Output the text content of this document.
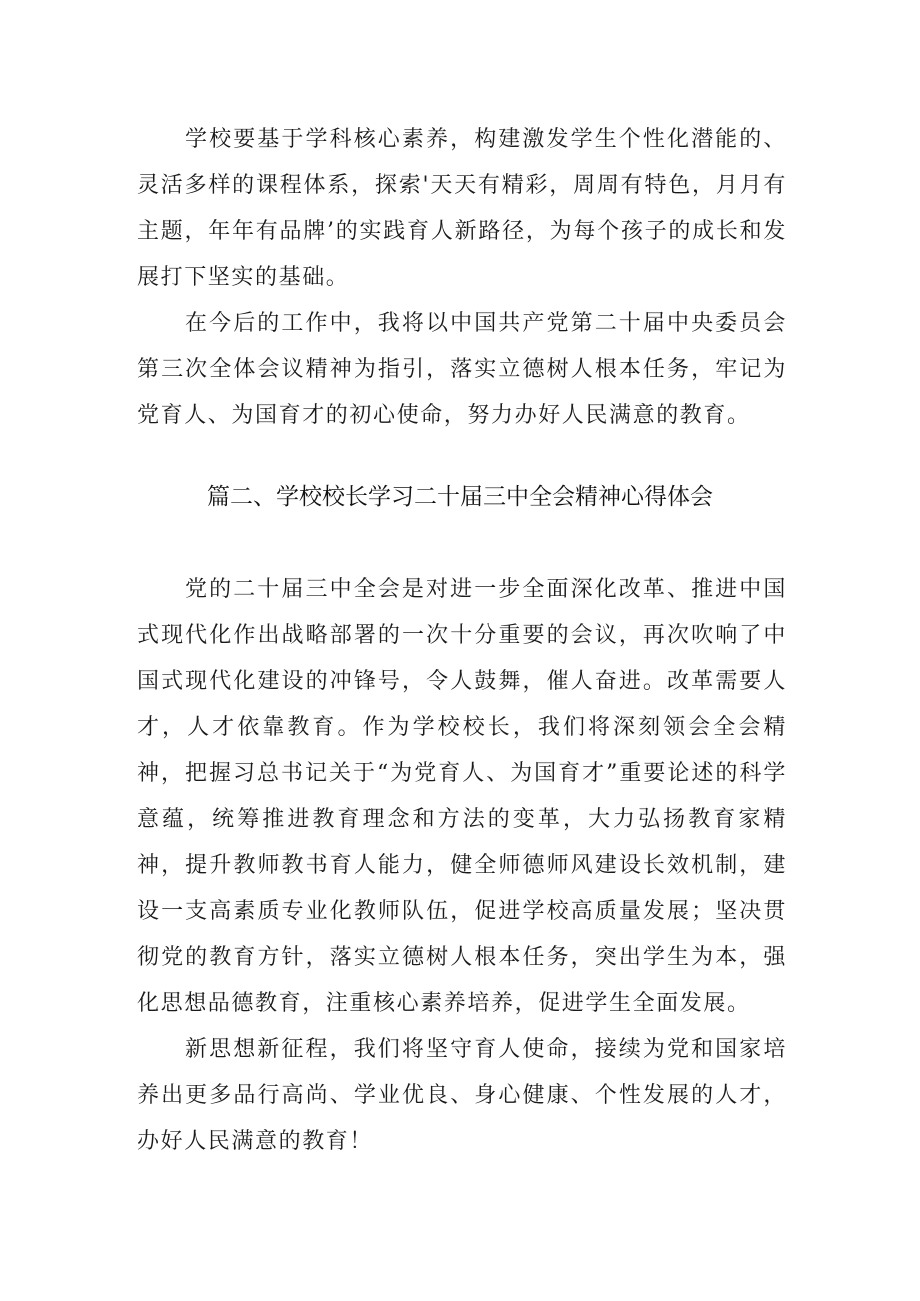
学校要基于学科核心素养，构建激发学生个性化潜能的、灵活多样的课程体系，探索'天天有精彩，周周有特色，月月有主题，年年有品牌’的实践育人新路径，为每个孩子的成长和发展打下坚实的基础。

在今后的工作中，我将以中国共产党第二十届中央委员会第三次全体会议精神为指引，落实立德树人根本任务，牢记为党育人、为国育才的初心使命，努力办好人民满意的教育。

篇二、学校校长学习二十届三中全会精神心得体会

党的二十届三中全会是对进一步全面深化改革、推进中国式现代化作出战略部署的一次十分重要的会议，再次吹响了中国式现代化建设的冲锋号，令人鼓舞，催人奋进。改革需要人才，人才依靠教育。作为学校校长，我们将深刻领会全会精神，把握习总书记关于“为党育人、为国育才”重要论述的科学意蕴，统筹推进教育理念和方法的变革，大力弘扬教育家精神，提升教师教书育人能力，健全师德师风建设长效机制，建设一支高素质专业化教师队伍，促进学校高质量发展；坚决贯彻党的教育方针，落实立德树人根本任务，突出学生为本，强化思想品德教育，注重核心素养培养，促进学生全面发展。

新思想新征程，我们将坚守育人使命，接续为党和国家培养出更多品行高尚、学业优良、身心健康、个性发展的人才，办好人民满意的教育！
